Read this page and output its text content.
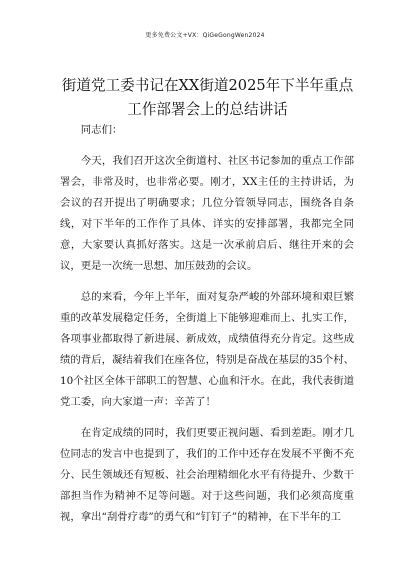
更多免费公文+VX：QiGeGongWen2024
街道党工委书记在XX街道2025年下半年重点工作部署会上的总结讲话

同志们：

今天，我们召开这次全街道村、社区书记参加的重点工作部署会，非常及时，也非常必要。刚才，XX主任的主持讲话，为会议的召开提出了明确要求；几位分管领导同志，围绕各自条线，对下半年的工作作了具体、详实的安排部署，我都完全同意，大家要认真抓好落实。这是一次承前启后、继往开来的会议，更是一次统一思想、加压鼓劲的会议。

总的来看，今年上半年，面对复杂严峻的外部环境和艰巨繁重的改革发展稳定任务，全街道上下能够迎难而上、扎实工作，各项事业都取得了新进展、新成效，成绩值得充分肯定。这些成绩的背后，凝结着我们在座各位，特别是奋战在基层的35个村、10个社区全体干部职工的智慧、心血和汗水。在此，我代表街道党工委，向大家道一声：辛苦了！

在肯定成绩的同时，我们更要正视问题、看到差距。刚才几位同志的发言中也提到了，我们的工作中还存在发展不平衡不充分、民生领域还有短板、社会治理精细化水平有待提升、少数干部担当作为精神不足等问题。对于这些问题，我们必须高度重视，拿出“刮骨疗毒”的勇气和“钉钉子”的精神，在下半年的工
